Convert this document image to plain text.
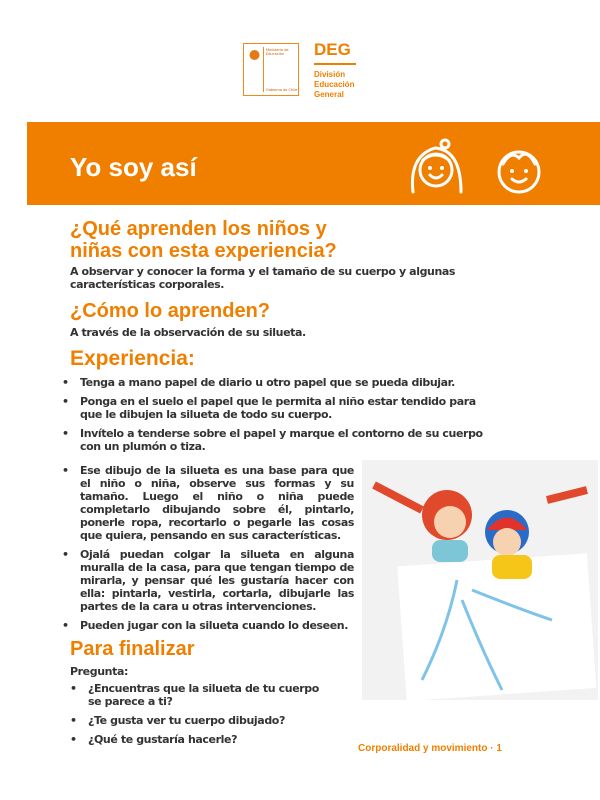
Ministerio de Educación
Gobierno de Chile
DEG
División
Educación
General
Yo soy así
¿Qué aprenden los niños y
niñas con esta experiencia?

A observar y conocer la forma y el tamaño de su cuerpo y algunas características corporales.

¿Cómo lo aprenden?

A través de la observación de su silueta.

Experiencia:
• Tenga a mano papel de diario u otro papel que se pueda dibujar.
• Ponga en el suelo el papel que le permita al niño estar tendido para que le dibujen la silueta de todo su cuerpo.
• Invítelo a tenderse sobre el papel y marque el contorno de su cuerpo con un plumón o tiza.
• Ese dibujo de la silueta es una base para que el niño o niña, observe sus formas y su tamaño. Luego el niño o niña puede completarlo dibujando sobre él, pintarlo, ponerle ropa, recortarlo o pegarle las cosas que quiera, pensando en sus características.
• Ojalá puedan colgar la silueta en alguna muralla de la casa, para que tengan tiempo de mirarla, y pensar qué les gustaría hacer con ella: pintarla, vestirla, cortarla, dibujarle las partes de la cara u otras intervenciones.
• Pueden jugar con la silueta cuando lo deseen.
Para finalizar

Pregunta:

• ¿Encuentras que la silueta de tu cuerpo se parece a ti?
• ¿Te gusta ver tu cuerpo dibujado?
• ¿Qué te gustaría hacerle?
Corporalidad y movimiento · 1
